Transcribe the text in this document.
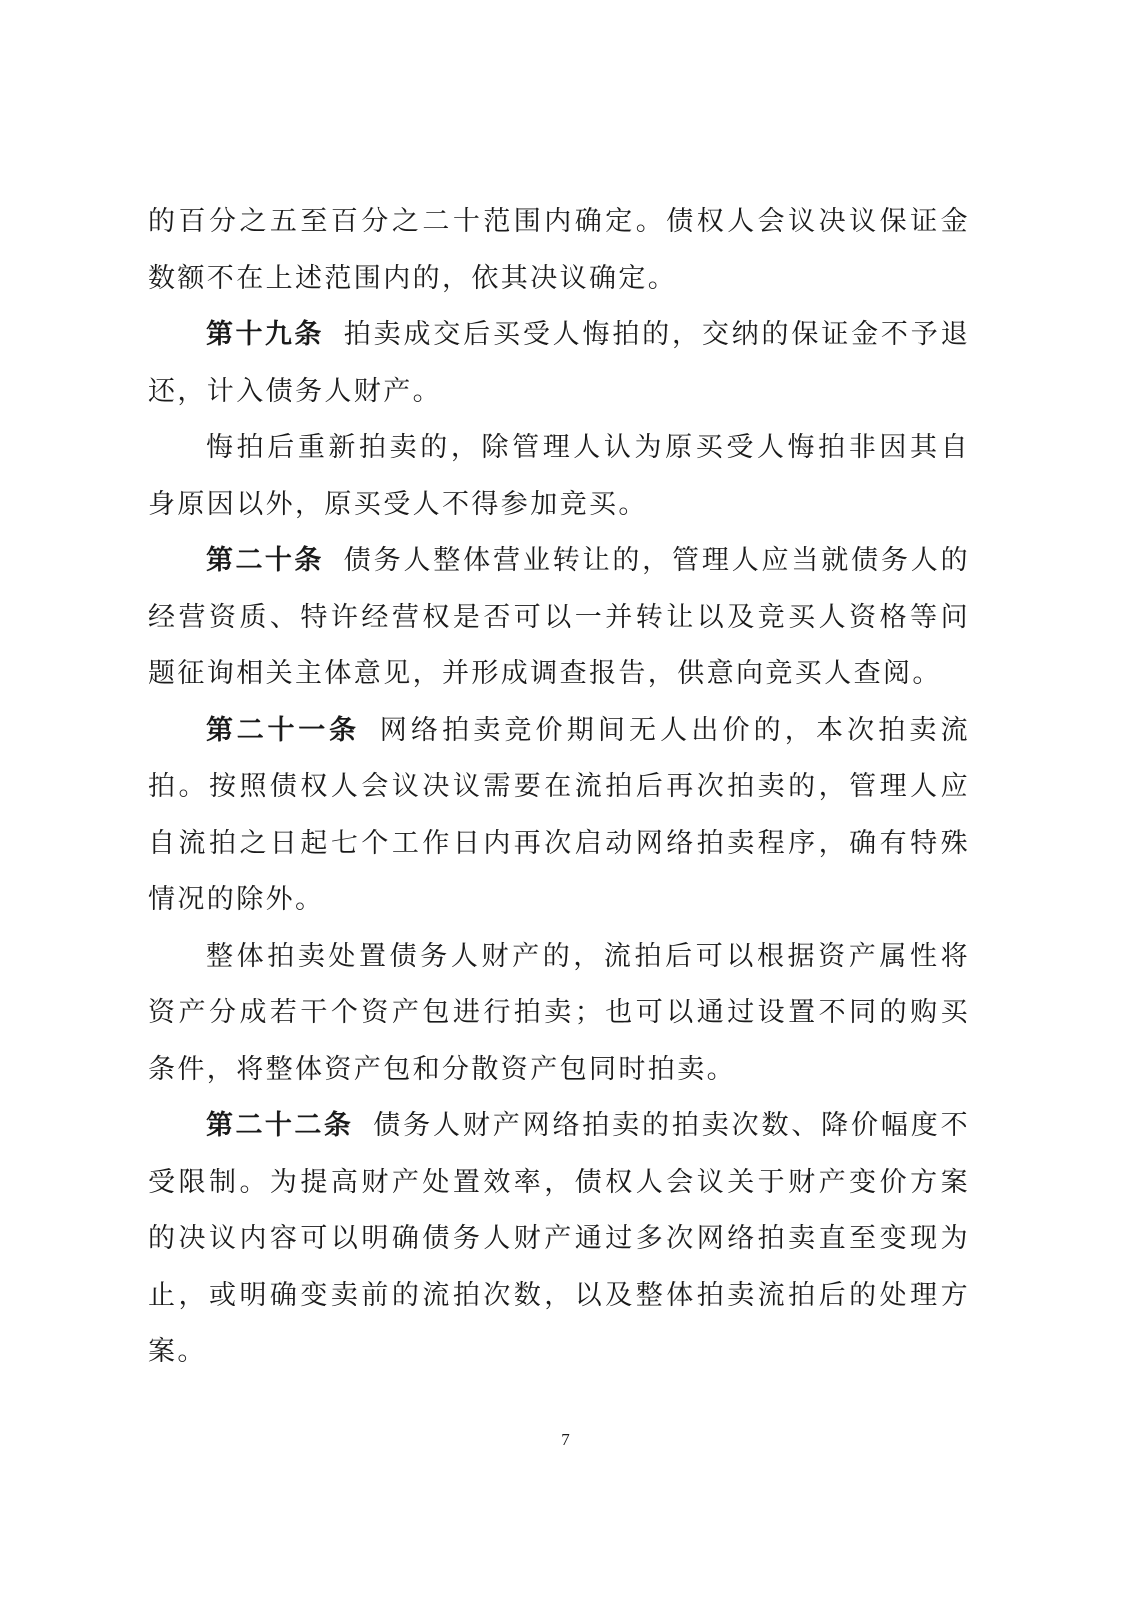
的百分之五至百分之二十范围内确定。债权人会议决议保证金数额不在上述范围内的，依其决议确定。

第十九条 拍卖成交后买受人悔拍的，交纳的保证金不予退还，计入债务人财产。

悔拍后重新拍卖的，除管理人认为原买受人悔拍非因其自身原因以外，原买受人不得参加竞买。

第二十条 债务人整体营业转让的，管理人应当就债务人的经营资质、特许经营权是否可以一并转让以及竞买人资格等问题征询相关主体意见，并形成调查报告，供意向竞买人查阅。

第二十一条 网络拍卖竞价期间无人出价的，本次拍卖流拍。按照债权人会议决议需要在流拍后再次拍卖的，管理人应自流拍之日起七个工作日内再次启动网络拍卖程序，确有特殊情况的除外。

整体拍卖处置债务人财产的，流拍后可以根据资产属性将资产分成若干个资产包进行拍卖；也可以通过设置不同的购买条件，将整体资产包和分散资产包同时拍卖。

第二十二条 债务人财产网络拍卖的拍卖次数、降价幅度不受限制。为提高财产处置效率，债权人会议关于财产变价方案的决议内容可以明确债务人财产通过多次网络拍卖直至变现为止，或明确变卖前的流拍次数，以及整体拍卖流拍后的处理方案。

7
